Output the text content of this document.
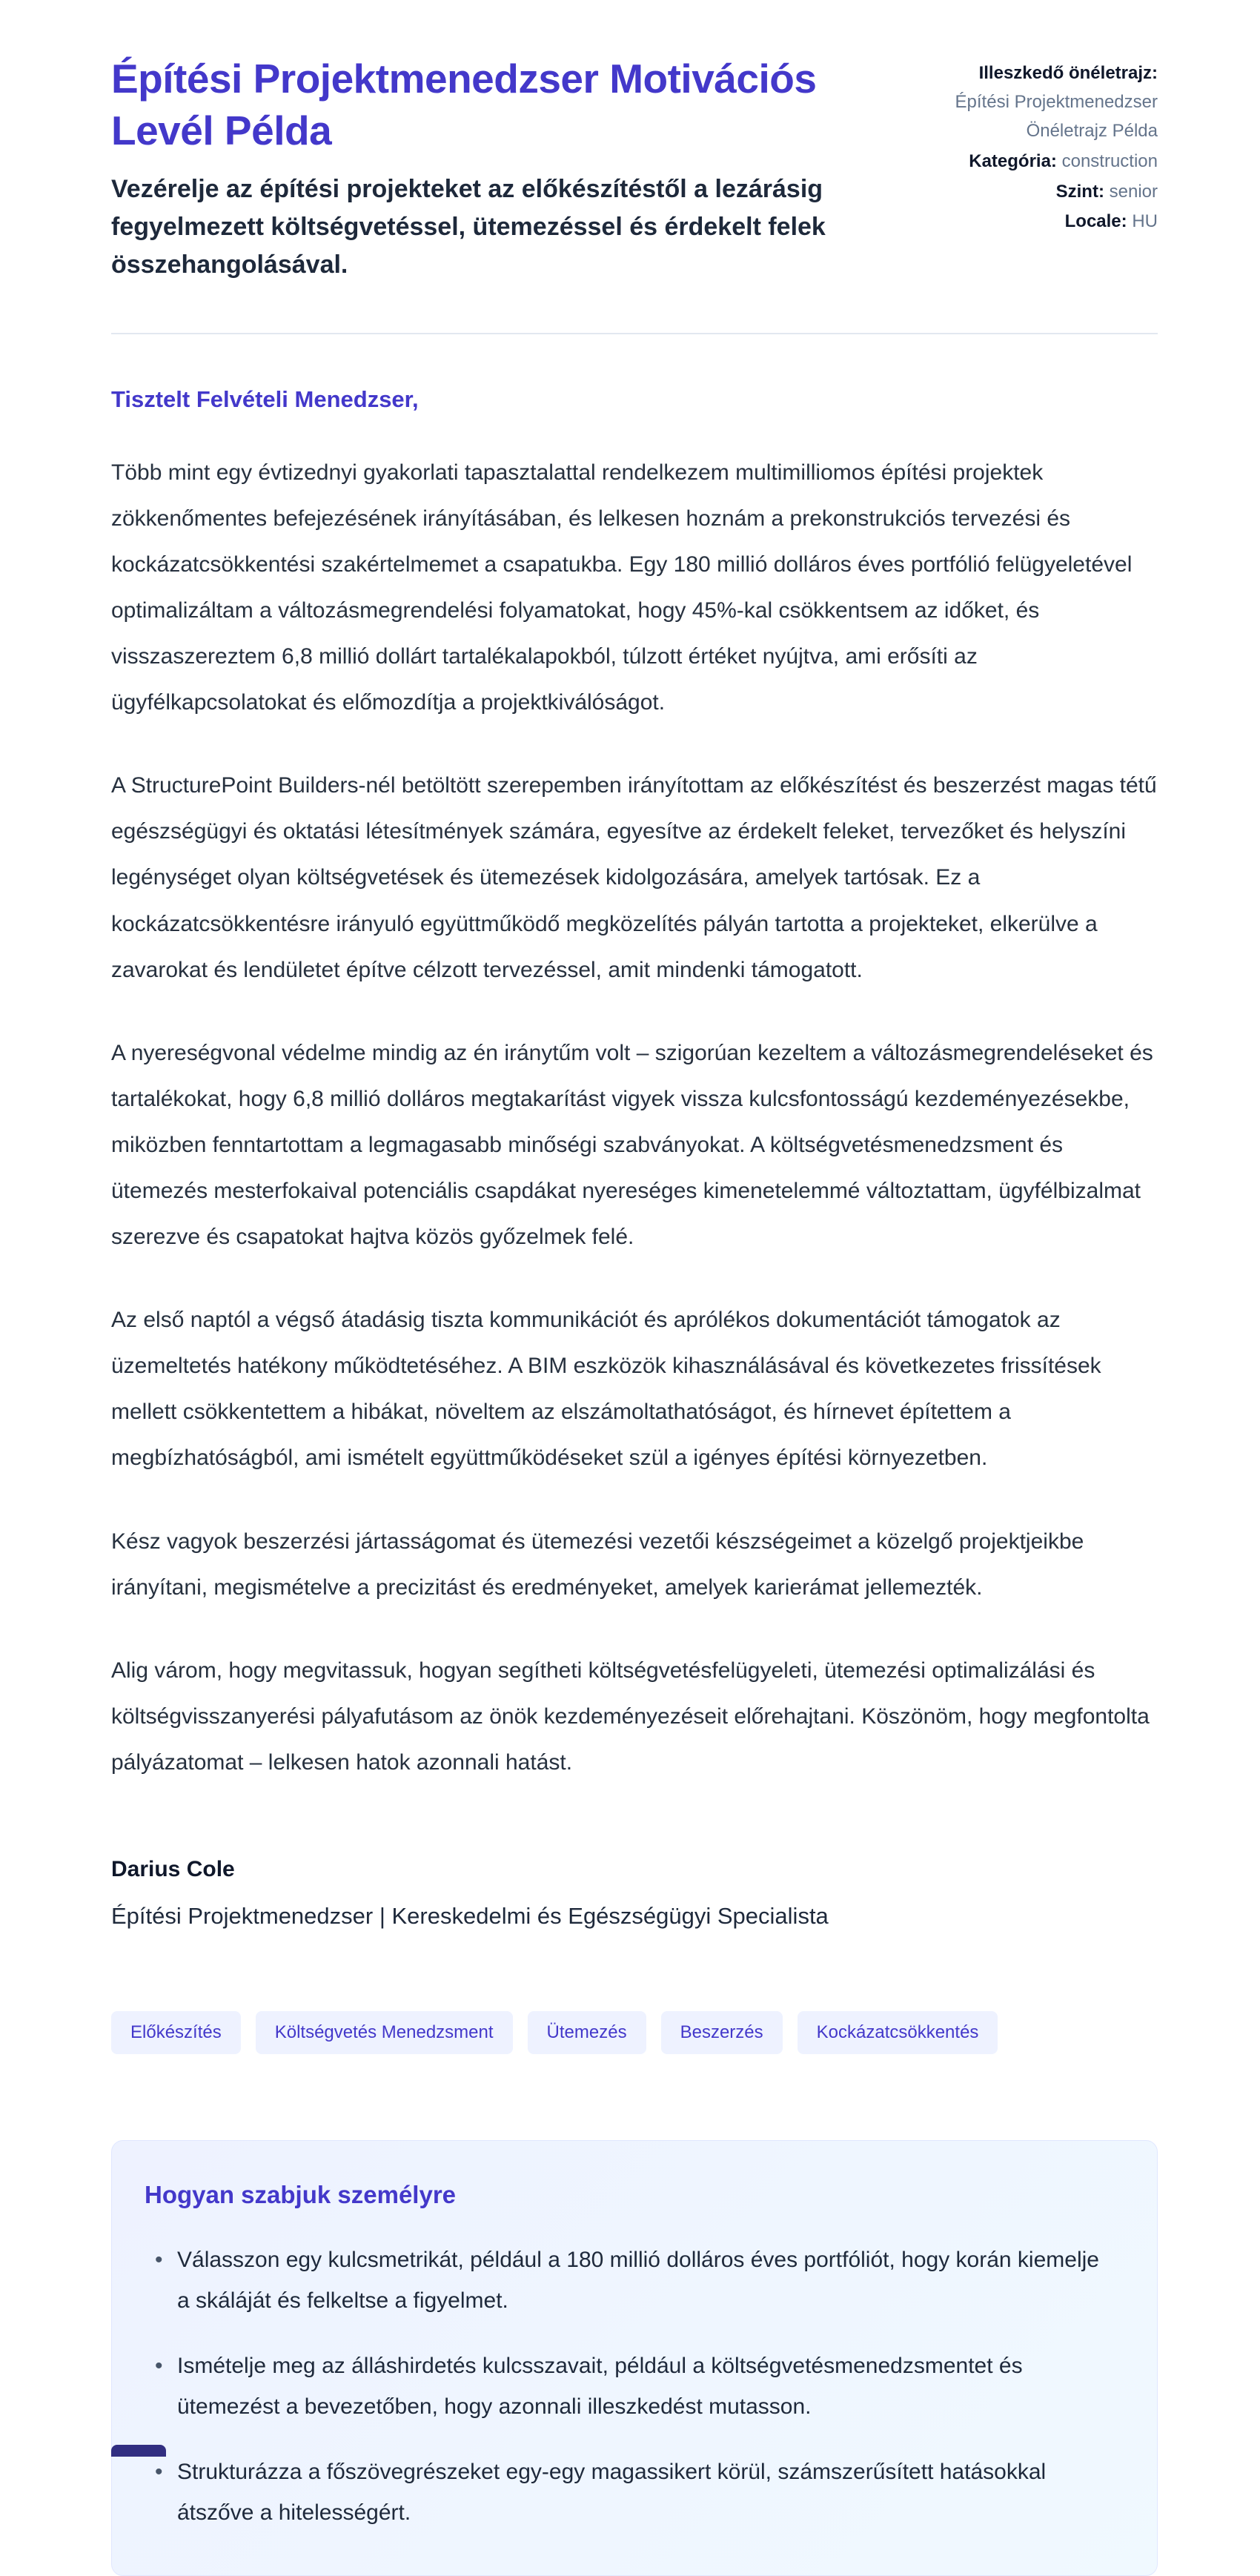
Építési Projektmenedzser Motivációs Levél Példa
Vezérelje az építési projekteket az előkészítéstől a lezárásig fegyelmezett költségvetéssel, ütemezéssel és érdekelt felek összehangolásával.
Illeszkedő önéletrajz:
Építési Projektmenedzser Önéletrajz Példa
Kategória: construction
Szint: senior
Locale: HU
Tisztelt Felvételi Menedzser,

Több mint egy évtizednyi gyakorlati tapasztalattal rendelkezem multimilliomos építési projektek zökkenőmentes befejezésének irányításában, és lelkesen hoznám a prekonstrukciós tervezési és kockázatcsökkentési szakértelmemet a csapatukba. Egy 180 millió dolláros éves portfólió felügyeletével optimalizáltam a változásmegrendelési folyamatokat, hogy 45%-kal csökkentsem az időket, és visszaszereztem 6,8 millió dollárt tartalékalapokból, túlzott értéket nyújtva, ami erősíti az ügyfélkapcsolatokat és előmozdítja a projektkiválóságot.

A StructurePoint Builders-nél betöltött szerepemben irányítottam az előkészítést és beszerzést magas tétű egészségügyi és oktatási létesítmények számára, egyesítve az érdekelt feleket, tervezőket és helyszíni legénységet olyan költségvetések és ütemezések kidolgozására, amelyek tartósak. Ez a kockázatcsökkentésre irányuló együttműködő megközelítés pályán tartotta a projekteket, elkerülve a zavarokat és lendületet építve célzott tervezéssel, amit mindenki támogatott.

A nyereségvonal védelme mindig az én iránytűm volt – szigorúan kezeltem a változásmegrendeléseket és tartalékokat, hogy 6,8 millió dolláros megtakarítást vigyek vissza kulcsfontosságú kezdeményezésekbe, miközben fenntartottam a legmagasabb minőségi szabványokat. A költségvetésmenedzsment és ütemezés mesterfokaival potenciális csapdákat nyereséges kimenetelemmé változtattam, ügyfélbizalmat szerezve és csapatokat hajtva közös győzelmek felé.

Az első naptól a végső átadásig tiszta kommunikációt és aprólékos dokumentációt támogatok az üzemeltetés hatékony működtetéséhez. A BIM eszközök kihasználásával és következetes frissítések mellett csökkentettem a hibákat, növeltem az elszámoltathatóságot, és hírnevet építettem a megbízhatóságból, ami ismételt együttműködéseket szül a igényes építési környezetben.

Kész vagyok beszerzési jártasságomat és ütemezési vezetői készségeimet a közelgő projektjeikbe irányítani, megismételve a precizitást és eredményeket, amelyek karierámat jellemezték.

Alig várom, hogy megvitassuk, hogyan segítheti költségvetésfelügyeleti, ütemezési optimalizálási és költségvisszanyerési pályafutásom az önök kezdeményezéseit előrehajtani. Köszönöm, hogy megfontolta pályázatomat – lelkesen hatok azonnali hatást.

Darius Cole
Építési Projektmenedzser | Kereskedelmi és Egészségügyi Specialista
Előkészítés	Költségvetés Menedzsment	Ütemezés	Beszerzés	Kockázatcsökkentés
Hogyan szabjuk személyre
• Válasszon egy kulcsmetrikát, például a 180 millió dolláros éves portfóliót, hogy korán kiemelje a skáláját és felkeltse a figyelmet.
• Ismételje meg az álláshirdetés kulcsszavait, például a költségvetésmenedzsmentet és ütemezést a bevezetőben, hogy azonnali illeszkedést mutasson.
• Strukturázza a főszövegrészeket egy-egy magassikert körül, számszerűsített hatásokkal átszőve a hitelességért.
